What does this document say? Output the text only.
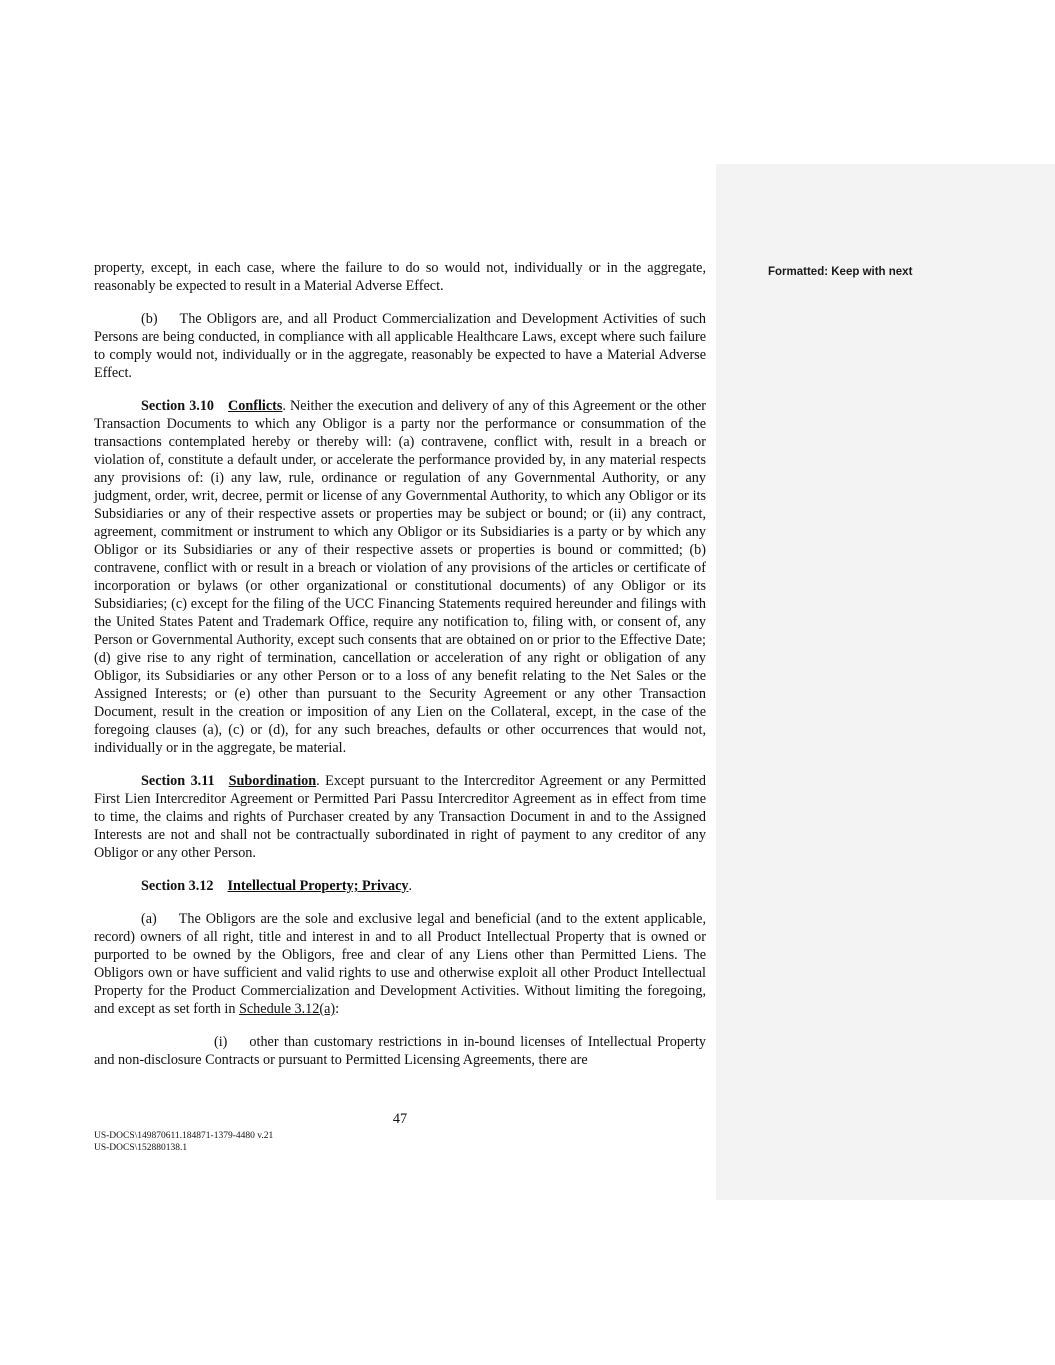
Formatted: Keep with next

property, except, in each case, where the failure to do so would not, individually or in the aggregate, reasonably be expected to result in a Material Adverse Effect.

(b) The Obligors are, and all Product Commercialization and Development Activities of such Persons are being conducted, in compliance with all applicable Healthcare Laws, except where such failure to comply would not, individually or in the aggregate, reasonably be expected to have a Material Adverse Effect.

Section 3.10 Conflicts. Neither the execution and delivery of any of this Agreement or the other Transaction Documents to which any Obligor is a party nor the performance or consummation of the transactions contemplated hereby or thereby will: (a) contravene, conflict with, result in a breach or violation of, constitute a default under, or accelerate the performance provided by, in any material respects any provisions of: (i) any law, rule, ordinance or regulation of any Governmental Authority, or any judgment, order, writ, decree, permit or license of any Governmental Authority, to which any Obligor or its Subsidiaries or any of their respective assets or properties may be subject or bound; or (ii) any contract, agreement, commitment or instrument to which any Obligor or its Subsidiaries is a party or by which any Obligor or its Subsidiaries or any of their respective assets or properties is bound or committed; (b) contravene, conflict with or result in a breach or violation of any provisions of the articles or certificate of incorporation or bylaws (or other organizational or constitutional documents) of any Obligor or its Subsidiaries; (c) except for the filing of the UCC Financing Statements required hereunder and filings with the United States Patent and Trademark Office, require any notification to, filing with, or consent of, any Person or Governmental Authority, except such consents that are obtained on or prior to the Effective Date; (d) give rise to any right of termination, cancellation or acceleration of any right or obligation of any Obligor, its Subsidiaries or any other Person or to a loss of any benefit relating to the Net Sales or the Assigned Interests; or (e) other than pursuant to the Security Agreement or any other Transaction Document, result in the creation or imposition of any Lien on the Collateral, except, in the case of the foregoing clauses (a), (c) or (d), for any such breaches, defaults or other occurrences that would not, individually or in the aggregate, be material.

Section 3.11 Subordination. Except pursuant to the Intercreditor Agreement or any Permitted First Lien Intercreditor Agreement or Permitted Pari Passu Intercreditor Agreement as in effect from time to time, the claims and rights of Purchaser created by any Transaction Document in and to the Assigned Interests are not and shall not be contractually subordinated in right of payment to any creditor of any Obligor or any other Person.

Section 3.12 Intellectual Property; Privacy.

(a) The Obligors are the sole and exclusive legal and beneficial (and to the extent applicable, record) owners of all right, title and interest in and to all Product Intellectual Property that is owned or purported to be owned by the Obligors, free and clear of any Liens other than Permitted Liens. The Obligors own or have sufficient and valid rights to use and otherwise exploit all other Product Intellectual Property for the Product Commercialization and Development Activities. Without limiting the foregoing, and except as set forth in Schedule 3.12(a):

(i) other than customary restrictions in in-bound licenses of Intellectual Property and non-disclosure Contracts or pursuant to Permitted Licensing Agreements, there are

47
US-DOCS\149870611.184871-1379-4480 v.21
US-DOCS\152880138.1
